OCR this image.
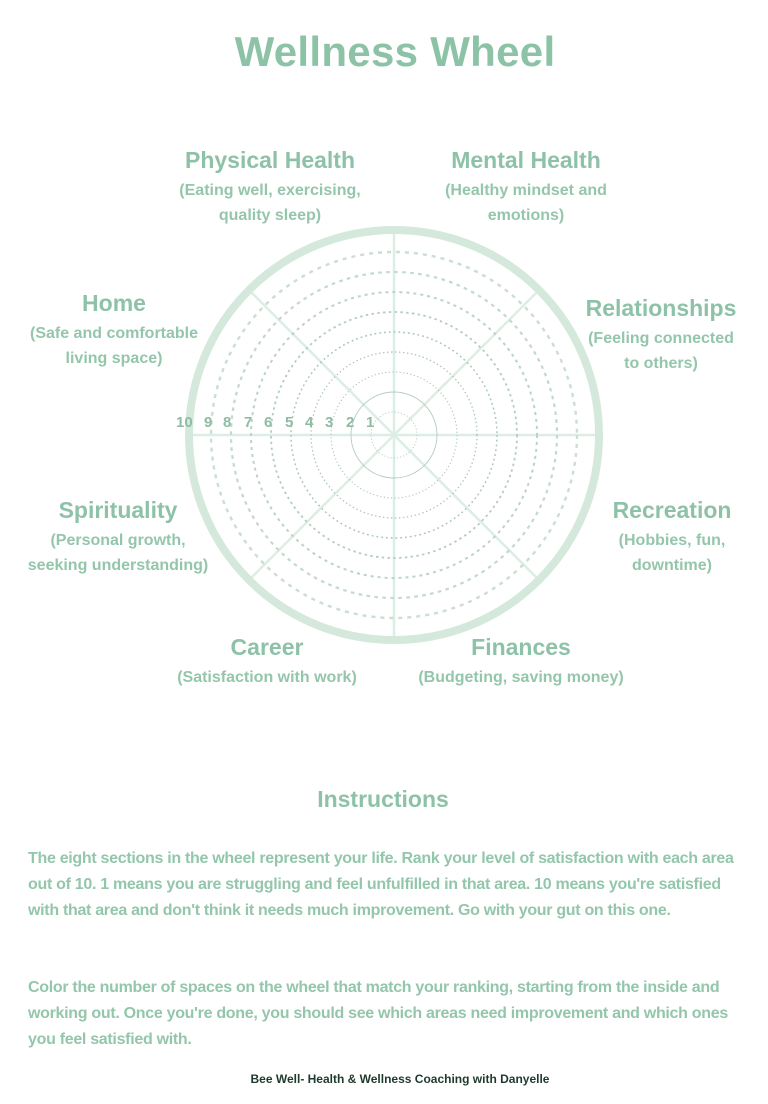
Wellness Wheel
10 9 8 7 6 5 4 3 2 1
Physical Health
(Eating well, exercising,
quality sleep)
Mental Health
(Healthy mindset and
emotions)
Home
(Safe and comfortable
living space)
Relationships
(Feeling connected
to others)
Spirituality
(Personal growth,
seeking understanding)
Recreation
(Hobbies, fun,
downtime)
Career
(Satisfaction with work)
Finances
(Budgeting, saving money)
Instructions
The eight sections in the wheel represent your life. Rank your level of satisfaction with each area out of 10. 1 means you are struggling and feel unfulfilled in that area. 10 means you're satisfied with that area and don't think it needs much improvement. Go with your gut on this one.
Color the number of spaces on the wheel that match your ranking, starting from the inside and working out. Once you're done, you should see which areas need improvement and which ones you feel satisfied with.
Bee Well- Health & Wellness Coaching with Danyelle
